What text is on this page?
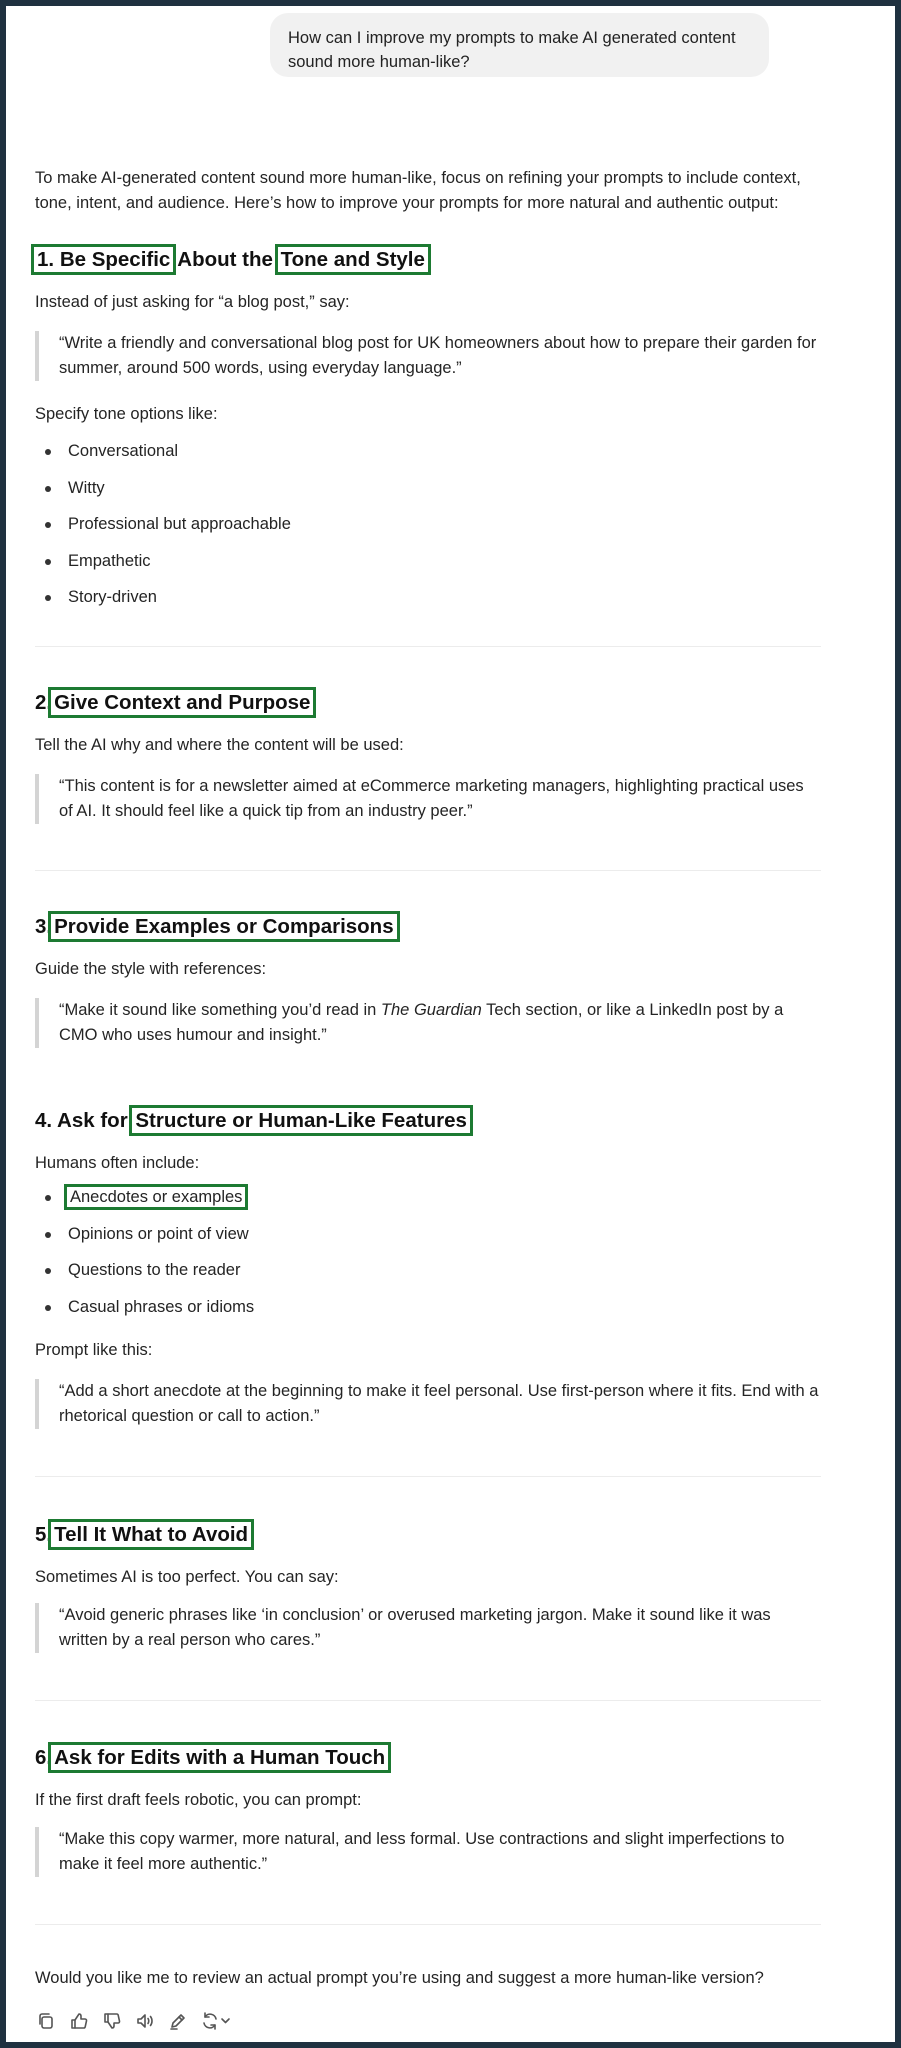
How can I improve my prompts to make AI generated content sound more human-like?

To make AI-generated content sound more human-like, focus on refining your prompts to include context, tone, intent, and audience. Here’s how to improve your prompts for more natural and authentic output:

1. Be Specific About the Tone and Style

Instead of just asking for “a blog post,” say:

“Write a friendly and conversational blog post for UK homeowners about how to prepare their garden for summer, around 500 words, using everyday language.”

Specify tone options like:

Conversational
Witty
Professional but approachable
Empathetic
Story-driven
2.Give Context and Purpose

Tell the AI why and where the content will be used:

“This content is for a newsletter aimed at eCommerce marketing managers, highlighting practical uses of AI. It should feel like a quick tip from an industry peer.”
3.Provide Examples or Comparisons

Guide the style with references:

“Make it sound like something you’d read in The Guardian Tech section, or like a LinkedIn post by a CMO who uses humour and insight.”
4. Ask for Structure or Human-Like Features

Humans often include:

Anecdotes or examples
Opinions or point of view
Questions to the reader
Casual phrases or idioms

Prompt like this:

“Add a short anecdote at the beginning to make it feel personal. Use first-person where it fits. End with a rhetorical question or call to action.”
5.Tell It What to Avoid

Sometimes AI is too perfect. You can say:

“Avoid generic phrases like ‘in conclusion’ or overused marketing jargon. Make it sound like it was written by a real person who cares.”
6.Ask for Edits with a Human Touch

If the first draft feels robotic, you can prompt:

“Make this copy warmer, more natural, and less formal. Use contractions and slight imperfections to make it feel more authentic.”

Would you like me to review an actual prompt you’re using and suggest a more human-like version?
